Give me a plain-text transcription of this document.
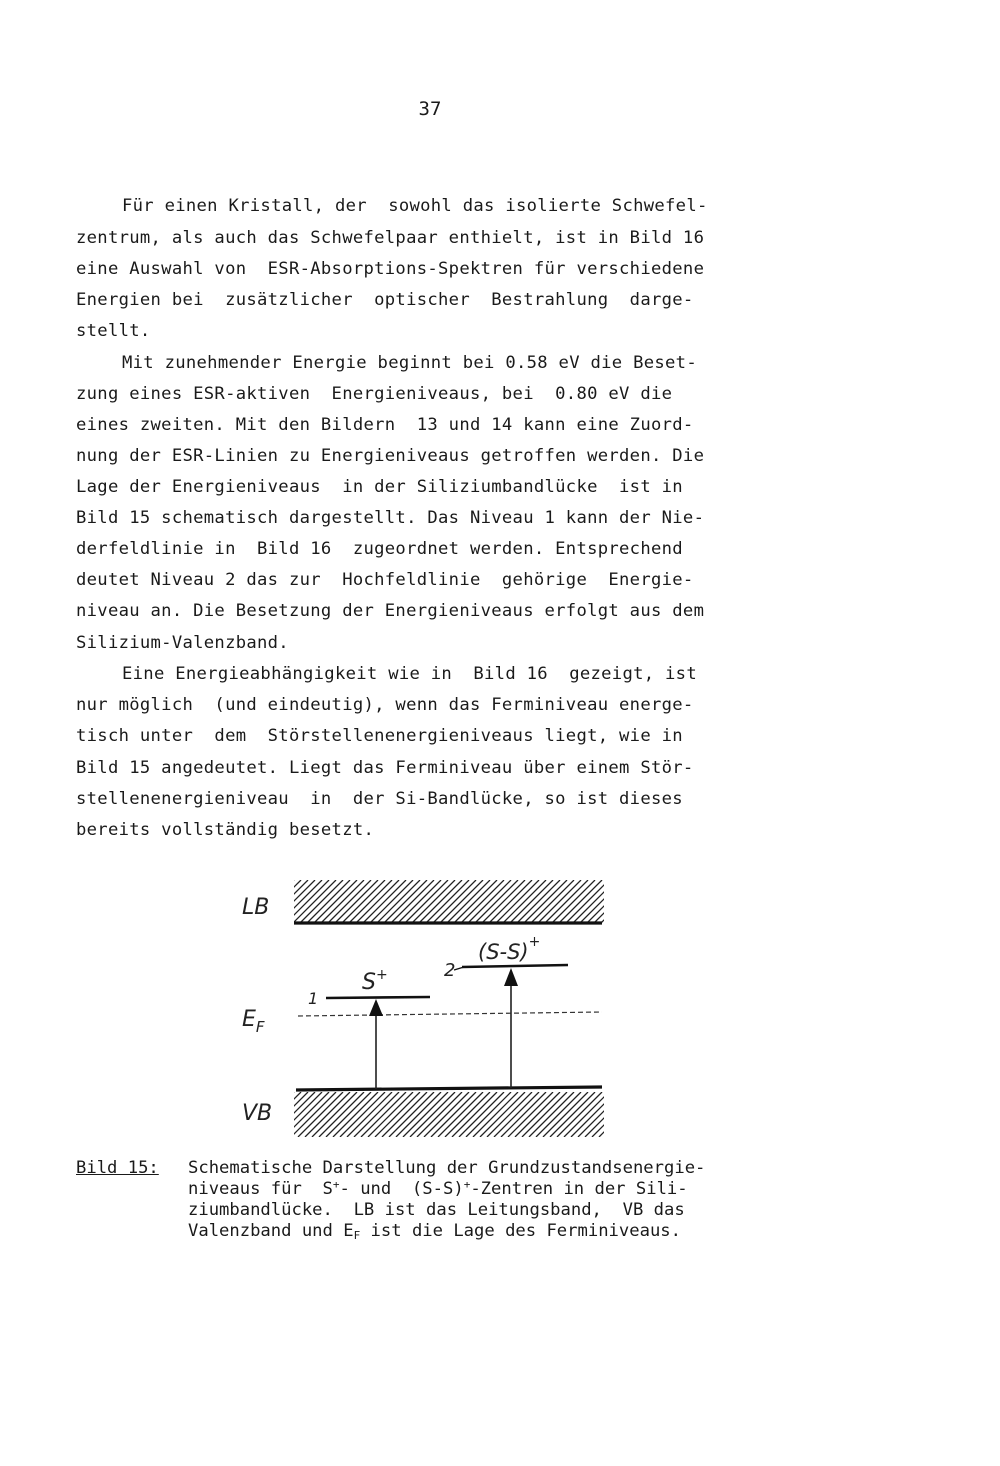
37
Für einen Kristall, der  sowohl das isolierte Schwefel-
zentrum, als auch das Schwefelpaar enthielt, ist in Bild 16
eine Auswahl von  ESR-Absorptions-Spektren für verschiedene
Energien bei  zusätzlicher  optischer  Bestrahlung  darge-
stellt.
Mit zunehmender Energie beginnt bei 0.58 eV die Beset-
zung eines ESR-aktiven  Energieniveaus, bei  0.80 eV die
eines zweiten. Mit den Bildern  13 und 14 kann eine Zuord-
nung der ESR-Linien zu Energieniveaus getroffen werden. Die
Lage der Energieniveaus  in der Siliziumbandlücke  ist in
Bild 15 schematisch dargestellt. Das Niveau 1 kann der Nie-
derfeldlinie in  Bild 16  zugeordnet werden. Entsprechend
deutet Niveau 2 das zur  Hochfeldlinie  gehörige  Energie-
niveau an. Die Besetzung der Energieniveaus erfolgt aus dem
Silizium-Valenzband.
Eine Energieabhängigkeit wie in  Bild 16  gezeigt, ist
nur möglich  (und eindeutig), wenn das Ferminiveau energe-
tisch unter  dem  Störstellenenergieniveaus liegt, wie in
Bild 15 angedeutet. Liegt das Ferminiveau über einem Stör-
stellenenergieniveau  in  der Si-Bandlücke, so ist dieses
bereits vollständig besetzt.
LB
$E_F$
VB
1
S+	2
(S-S)+
Bild 15: Schematische Darstellung der Grundzustandsenergie-
niveaus für  S+- und  (S-S)+-Zentren in der Sili-
ziumbandlücke.  LB ist das Leitungsband,  VB das
Valenzband und $E_F$ ist die Lage des Ferminiveaus.
